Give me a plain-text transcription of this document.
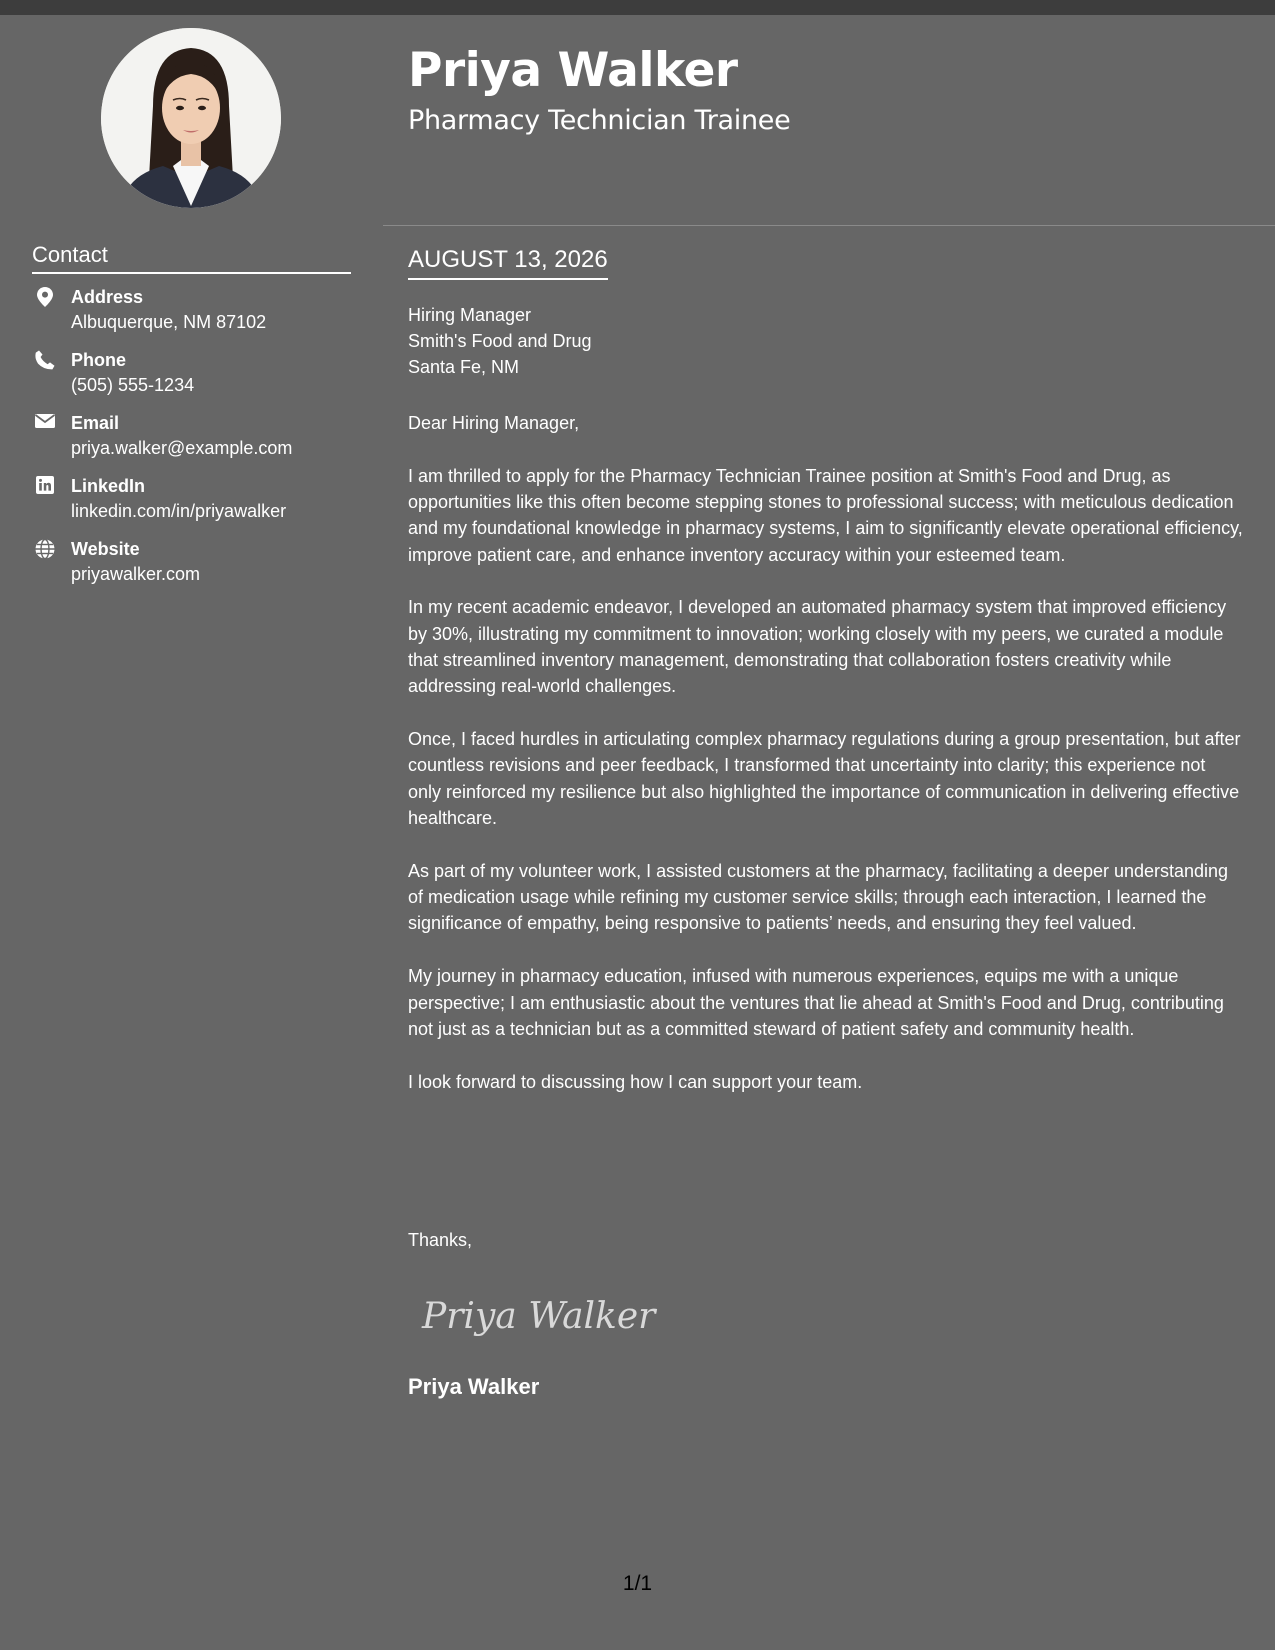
Priya Walker
Pharmacy Technician Trainee
Contact
Address
Albuquerque, NM 87102
Phone
(505) 555-1234
Email
priya.walker@example.com
LinkedIn
linkedin.com/in/priyawalker
Website
priyawalker.com
AUGUST 13, 2026
Hiring Manager
Smith's Food and Drug
Santa Fe, NM

Dear Hiring Manager,

I am thrilled to apply for the Pharmacy Technician Trainee position at Smith's Food and Drug, as opportunities like this often become stepping stones to professional success; with meticulous dedication and my foundational knowledge in pharmacy systems, I aim to significantly elevate operational efficiency, improve patient care, and enhance inventory accuracy within your esteemed team.

In my recent academic endeavor, I developed an automated pharmacy system that improved efficiency by 30%, illustrating my commitment to innovation; working closely with my peers, we curated a module that streamlined inventory management, demonstrating that collaboration fosters creativity while addressing real-world challenges.

Once, I faced hurdles in articulating complex pharmacy regulations during a group presentation, but after countless revisions and peer feedback, I transformed that uncertainty into clarity; this experience not only reinforced my resilience but also highlighted the importance of communication in delivering effective healthcare.

As part of my volunteer work, I assisted customers at the pharmacy, facilitating a deeper understanding of medication usage while refining my customer service skills; through each interaction, I learned the significance of empathy, being responsive to patients’ needs, and ensuring they feel valued.

My journey in pharmacy education, infused with numerous experiences, equips me with a unique perspective; I am enthusiastic about the ventures that lie ahead at Smith's Food and Drug, contributing not just as a technician but as a committed steward of patient safety and community health.

I look forward to discussing how I can support your team.

Thanks,
Priya Walker
Priya Walker
1/1
